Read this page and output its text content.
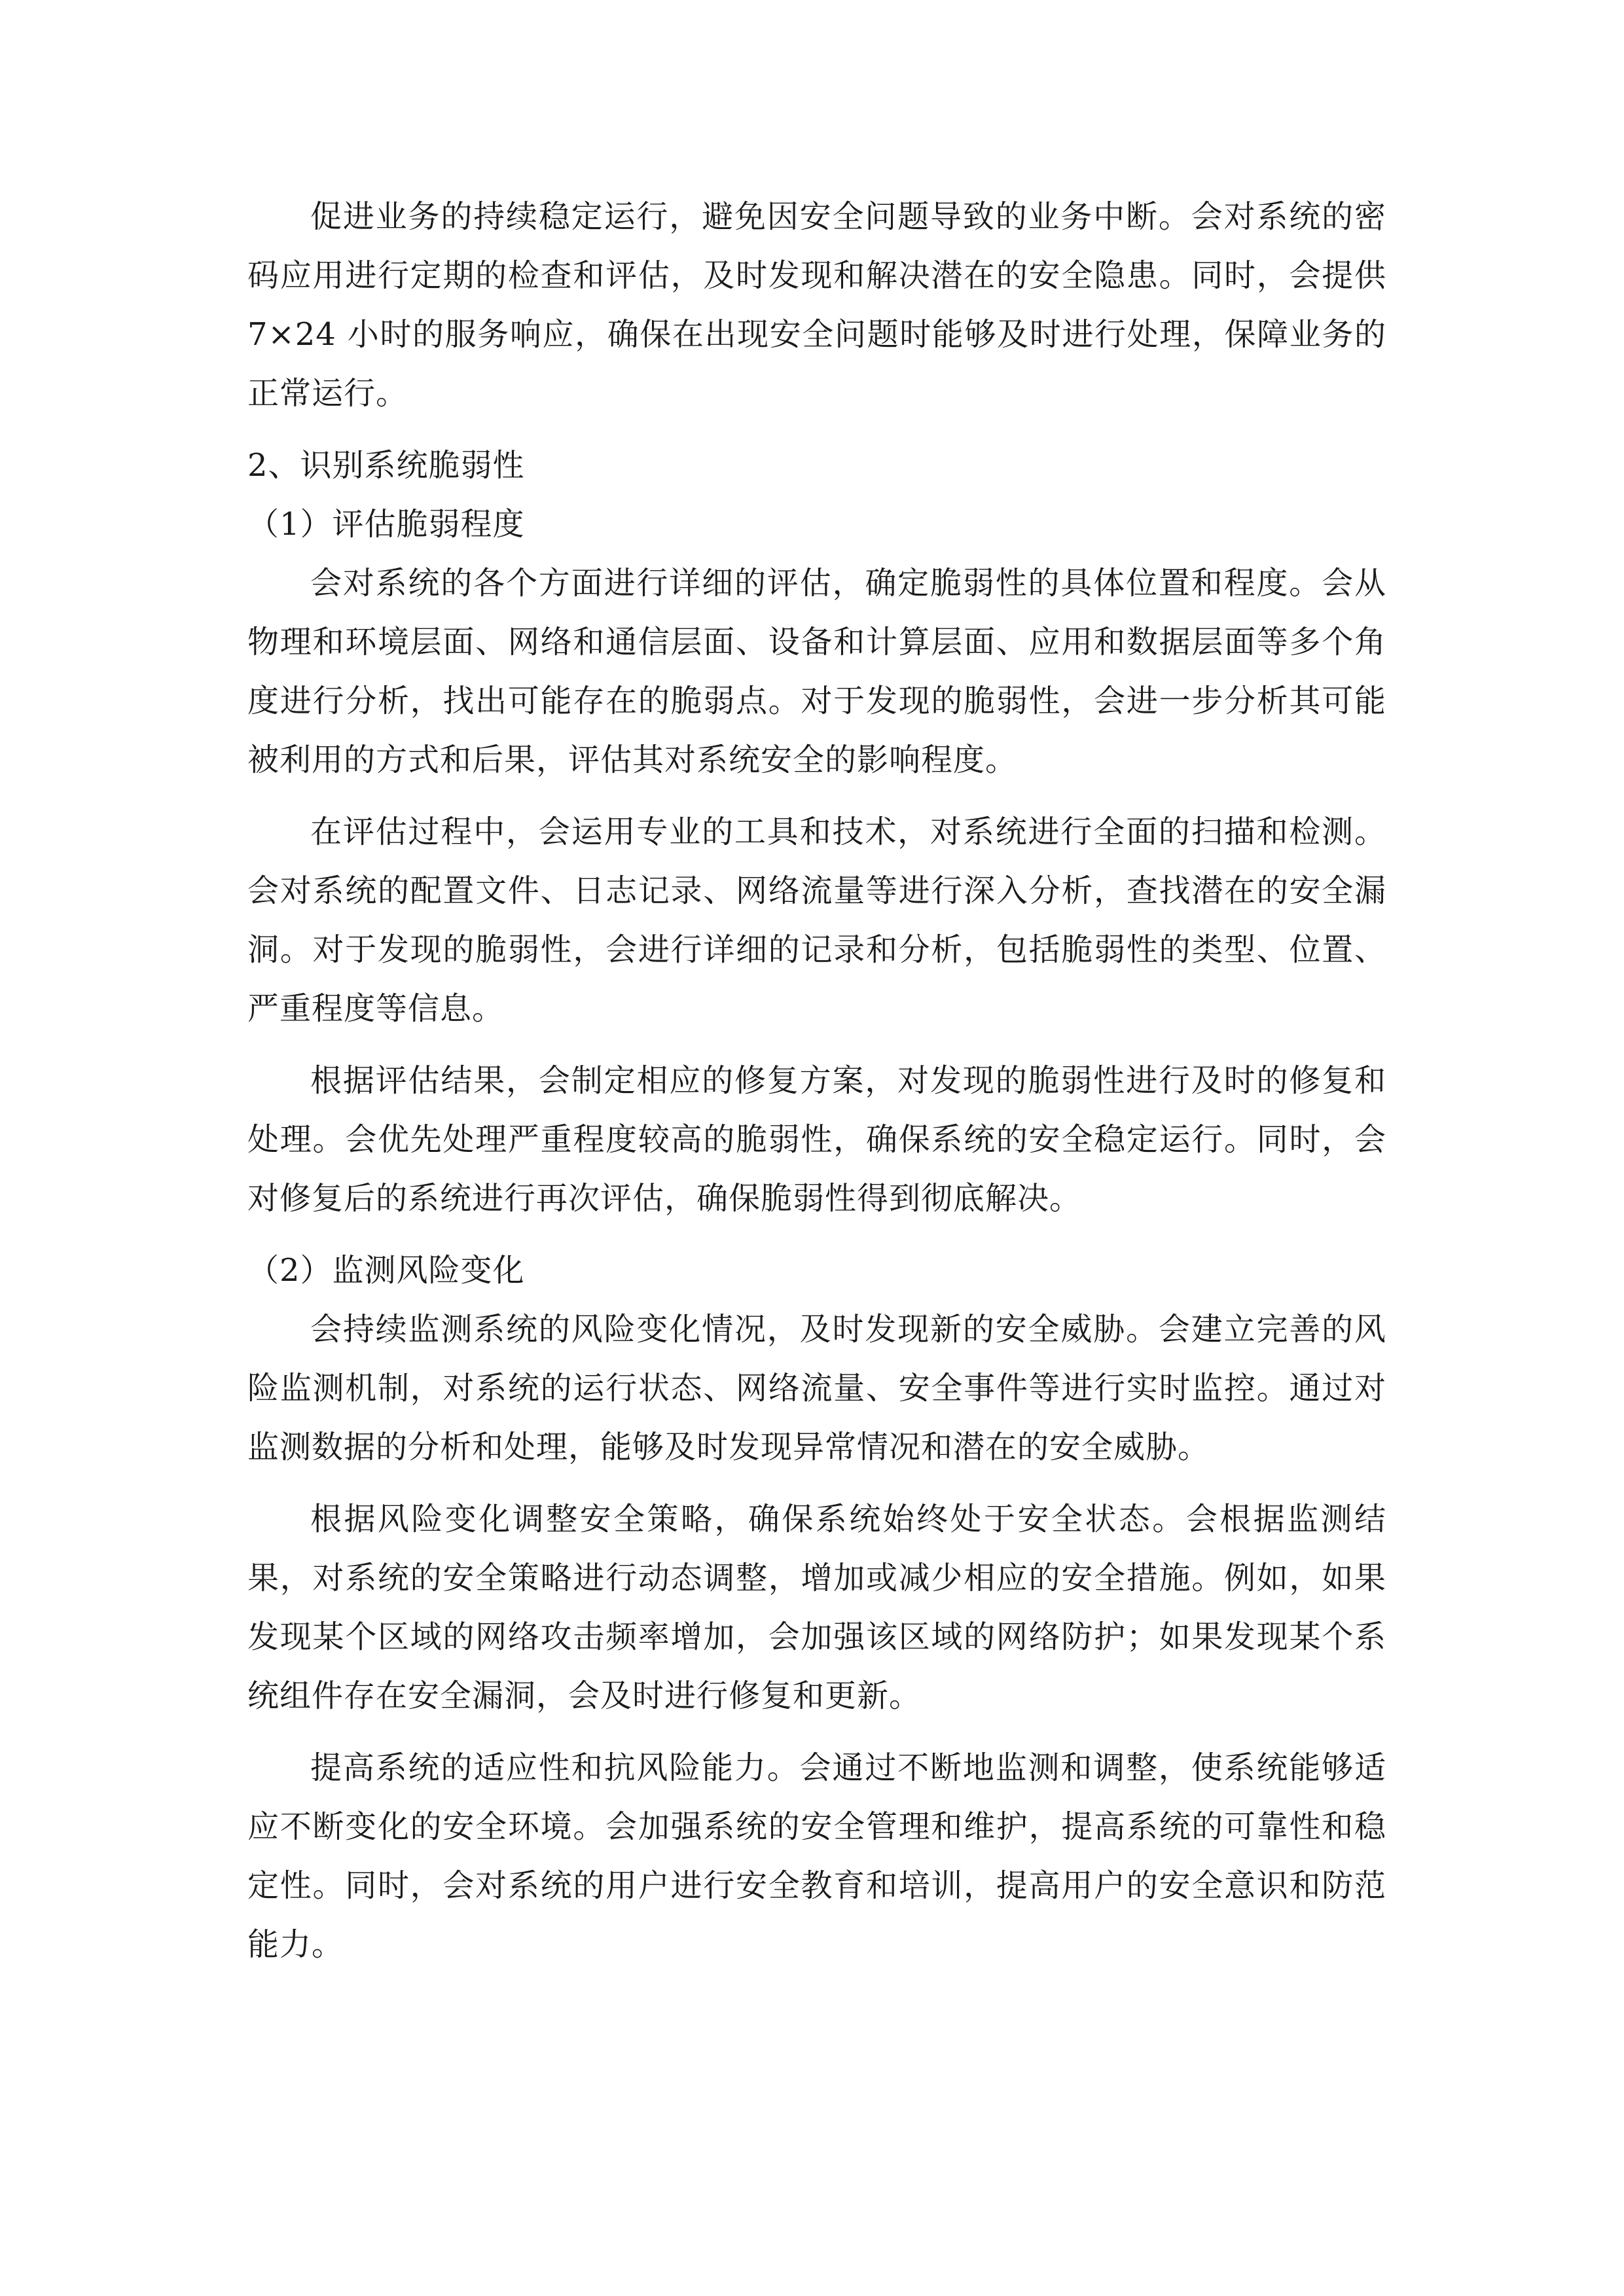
促进业务的持续稳定运行，避免因安全问题导致的业务中断。会对系统的密码应用进行定期的检查和评估，及时发现和解决潜在的安全隐患。同时，会提供 7×24 小时的服务响应，确保在出现安全问题时能够及时进行处理，保障业务的正常运行。

2、识别系统脆弱性

（1）评估脆弱程度

会对系统的各个方面进行详细的评估，确定脆弱性的具体位置和程度。会从物理和环境层面、网络和通信层面、设备和计算层面、应用和数据层面等多个角度进行分析，找出可能存在的脆弱点。对于发现的脆弱性，会进一步分析其可能被利用的方式和后果，评估其对系统安全的影响程度。

在评估过程中，会运用专业的工具和技术，对系统进行全面的扫描和检测。会对系统的配置文件、日志记录、网络流量等进行深入分析，查找潜在的安全漏洞。对于发现的脆弱性，会进行详细的记录和分析，包括脆弱性的类型、位置、严重程度等信息。

根据评估结果，会制定相应的修复方案，对发现的脆弱性进行及时的修复和处理。会优先处理严重程度较高的脆弱性，确保系统的安全稳定运行。同时，会对修复后的系统进行再次评估，确保脆弱性得到彻底解决。

（2）监测风险变化

会持续监测系统的风险变化情况，及时发现新的安全威胁。会建立完善的风险监测机制，对系统的运行状态、网络流量、安全事件等进行实时监控。通过对监测数据的分析和处理，能够及时发现异常情况和潜在的安全威胁。

根据风险变化调整安全策略，确保系统始终处于安全状态。会根据监测结果，对系统的安全策略进行动态调整，增加或减少相应的安全措施。例如，如果发现某个区域的网络攻击频率增加，会加强该区域的网络防护；如果发现某个系统组件存在安全漏洞，会及时进行修复和更新。

提高系统的适应性和抗风险能力。会通过不断地监测和调整，使系统能够适应不断变化的安全环境。会加强系统的安全管理和维护，提高系统的可靠性和稳定性。同时，会对系统的用户进行安全教育和培训，提高用户的安全意识和防范能力。
